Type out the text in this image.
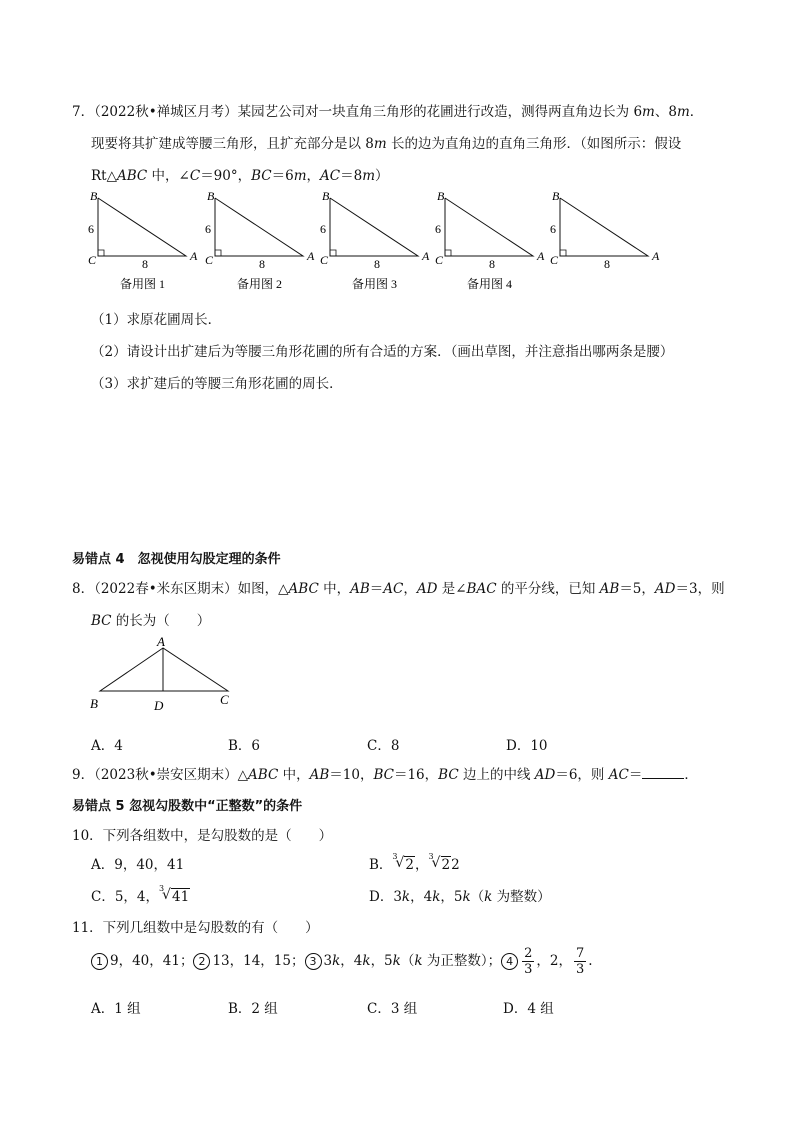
7．（2022秋•禅城区月考）某园艺公司对一块直角三角形的花圃进行改造，测得两直角边长为 6m、8m．
现要将其扩建成等腰三角形，且扩充部分是以 8m 长的边为直角边的直角三角形．（如图所示：假设
Rt△ABC 中，∠C＝90°，BC＝6m，AC＝8m）
B
6
C	8
A
备用图 1
B
6
C	8
A
备用图 2
B
6
C	8
A
备用图 3
B
6
C	8
A
备用图 4
B
6
C	8
A
（1）求原花圃周长．
（2）请设计出扩建后为等腰三角形花圃的所有合适的方案．（画出草图，并注意指出哪两条是腰）
（3）求扩建后的等腰三角形花圃的周长．
易错点 4　忽视使用勾股定理的条件
8．（2022春•米东区期末）如图，△ABC 中，AB＝AC，AD 是∠BAC 的平分线，已知 AB＝5，AD＝3，则
BC 的长为（　　）
A
B	D	C
A．4	B．6	C．8	D．10
9．（2023秋•崇安区期末）△ABC 中，AB＝10，BC＝16，BC 边上的中线 AD＝6，则 AC＝	．
易错点 5 忽视勾股数中“正整数”的条件
10．下列各组数中，是勾股数的是（　　）
A．9，40，41	B．
3
√ 2，
3
√ 22
C．5，4，
3
√ 41	D．3k，4k，5k（k 为整数）
11．下列几组数中是勾股数的有（　　）
1 9，40，41； 2 13，14，15； 3 3k，4k，5k（k 为正整数）； $4 \frac{2}{3}$ ，2， $\frac{7}{3}$ .
A．1 组	B．2 组	C．3 组	D．4 组
